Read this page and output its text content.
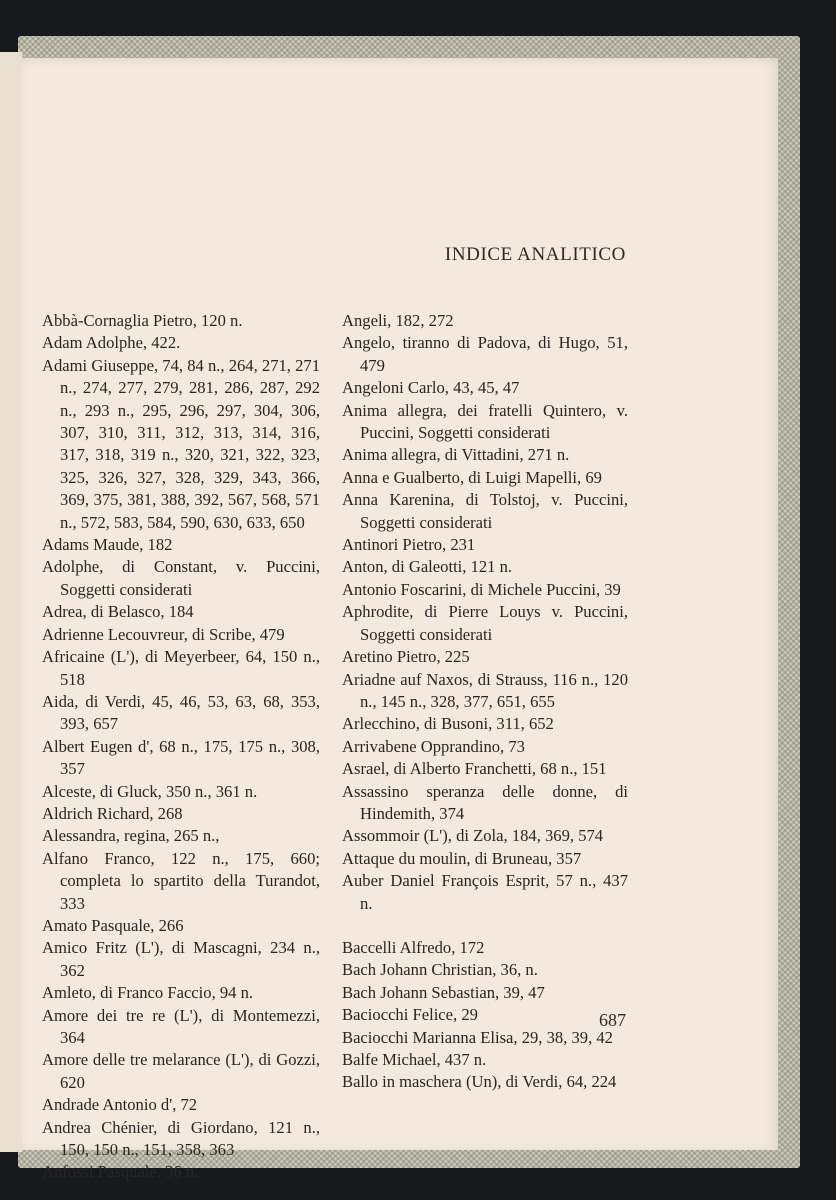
INDICE ANALITICO

Abbà-Cornaglia Pietro, 120 n.

Adam Adolphe, 422.

Adami Giuseppe, 74, 84 n., 264, 271, 271 n., 274, 277, 279, 281, 286, 287, 292 n., 293 n., 295, 296, 297, 304, 306, 307, 310, 311, 312, 313, 314, 316, 317, 318, 319 n., 320, 321, 322, 323, 325, 326, 327, 328, 329, 343, 366, 369, 375, 381, 388, 392, 567, 568, 571 n., 572, 583, 584, 590, 630, 633, 650

Adams Maude, 182

Adolphe, di Constant, v. Puccini, Soggetti considerati

Adrea, di Belasco, 184

Adrienne Lecouvreur, di Scribe, 479

Africaine (L'), di Meyerbeer, 64, 150 n., 518

Aida, di Verdi, 45, 46, 53, 63, 68, 353, 393, 657

Albert Eugen d', 68 n., 175, 175 n., 308, 357

Alceste, di Gluck, 350 n., 361 n.

Aldrich Richard, 268

Alessandra, regina, 265 n.,

Alfano Franco, 122 n., 175, 660; completa lo spartito della Turandot, 333

Amato Pasquale, 266

Amico Fritz (L'), di Mascagni, 234 n., 362

Amleto, di Franco Faccio, 94 n.

Amore dei tre re (L'), di Montemezzi, 364

Amore delle tre melarance (L'), di Gozzi, 620

Andrade Antonio d', 72

Andrea Chénier, di Giordano, 121 n., 150, 150 n., 151, 358, 363

Anfossi Pasquale, 36 n.

Angeli, 182, 272

Angelo, tiranno di Padova, di Hugo, 51, 479

Angeloni Carlo, 43, 45, 47

Anima allegra, dei fratelli Quintero, v. Puccini, Soggetti considerati

Anima allegra, di Vittadini, 271 n.

Anna e Gualberto, di Luigi Mapelli, 69

Anna Karenina, di Tolstoj, v. Puccini, Soggetti considerati

Antinori Pietro, 231

Anton, di Galeotti, 121 n.

Antonio Foscarini, di Michele Puccini, 39

Aphrodite, di Pierre Louys v. Puccini, Soggetti considerati

Aretino Pietro, 225

Ariadne auf Naxos, di Strauss, 116 n., 120 n., 145 n., 328, 377, 651, 655

Arlecchino, di Busoni, 311, 652

Arrivabene Opprandino, 73

Asrael, di Alberto Franchetti, 68 n., 151

Assassino speranza delle donne, di Hindemith, 374

Assommoir (L'), di Zola, 184, 369, 574

Attaque du moulin, di Bruneau, 357

Auber Daniel François Esprit, 57 n., 437 n.

Baccelli Alfredo, 172

Bach Johann Christian, 36, n.

Bach Johann Sebastian, 39, 47

Baciocchi Felice, 29

Baciocchi Marianna Elisa, 29, 38, 39, 42

Balfe Michael, 437 n.

Ballo in maschera (Un), di Verdi, 64, 224

687
